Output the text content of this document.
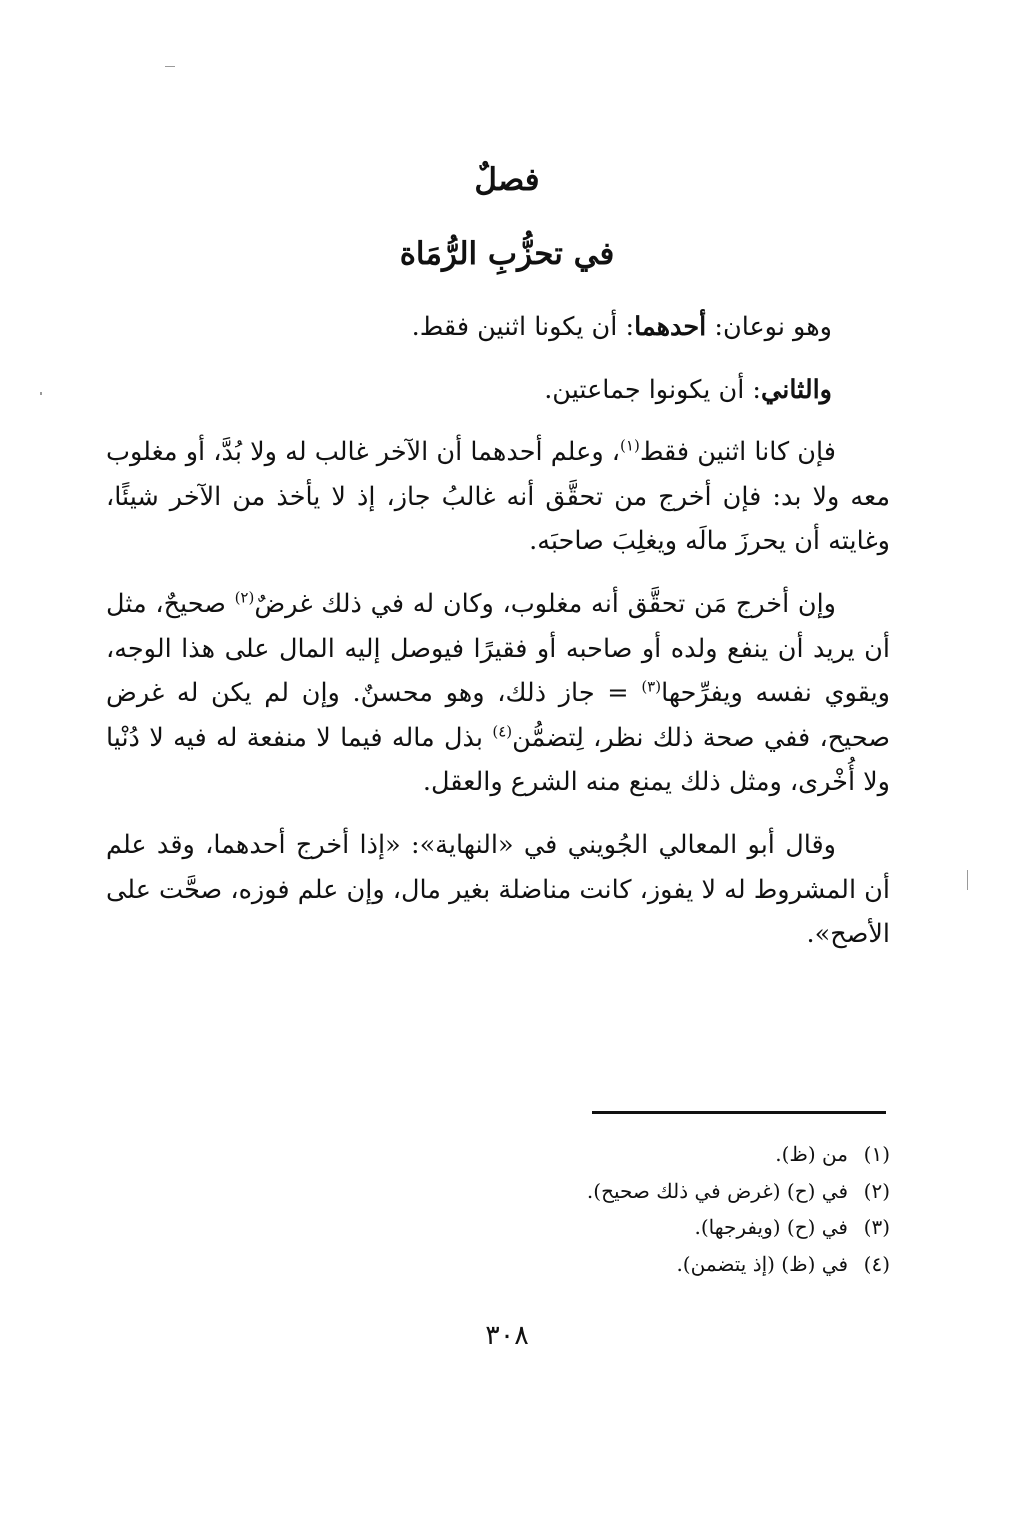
فصلٌ
في تحزُّبِ الرُّمَاة

وهو نوعان: أحدهما: أن يكونا اثنين فقط.

والثاني: أن يكونوا جماعتين.

فإن كانا اثنين فقط$^{(١)}$، وعلم أحدهما أن الآخر غالب له ولا بُدَّ، أو مغلوب معه ولا بد: فإن أخرج من تحقَّق أنه غالبُ جاز، إذ لا يأخذ من الآخر شيئًا، وغايته أن يحرزَ مالَه ويغلِبَ صاحبَه.

وإن أخرج مَن تحقَّق أنه مغلوب، وكان له في ذلك غرضٌ$^{(٢)}$ صحيحٌ، مثل أن يريد أن ينفع ولده أو صاحبه أو فقيرًا فيوصل إليه المال على هذا الوجه، ويقوي نفسه ويفرِّحها$^{(٣)}$ = جاز ذلك، وهو محسنٌ. وإن لم يكن له غرض صحيح، ففي صحة ذلك نظر، لِتضمُّن$^{(٤)}$ بذل ماله فيما لا منفعة له فيه لا دُنْيا ولا أُخْرى، ومثل ذلك يمنع منه الشرع والعقل.

وقال أبو المعالي الجُويني في «النهاية»: «إذا أخرج أحدهما، وقد علم أن المشروط له لا يفوز، كانت مناضلة بغير مال، وإن علم فوزه، صحَّت على الأصح».

(١)من (ظ).
(٢)في (ح) (غرض في ذلك صحيح).
(٣)في (ح) (ويفرجها).
(٤)في (ظ) (إذ يتضمن).
٣٠٨
